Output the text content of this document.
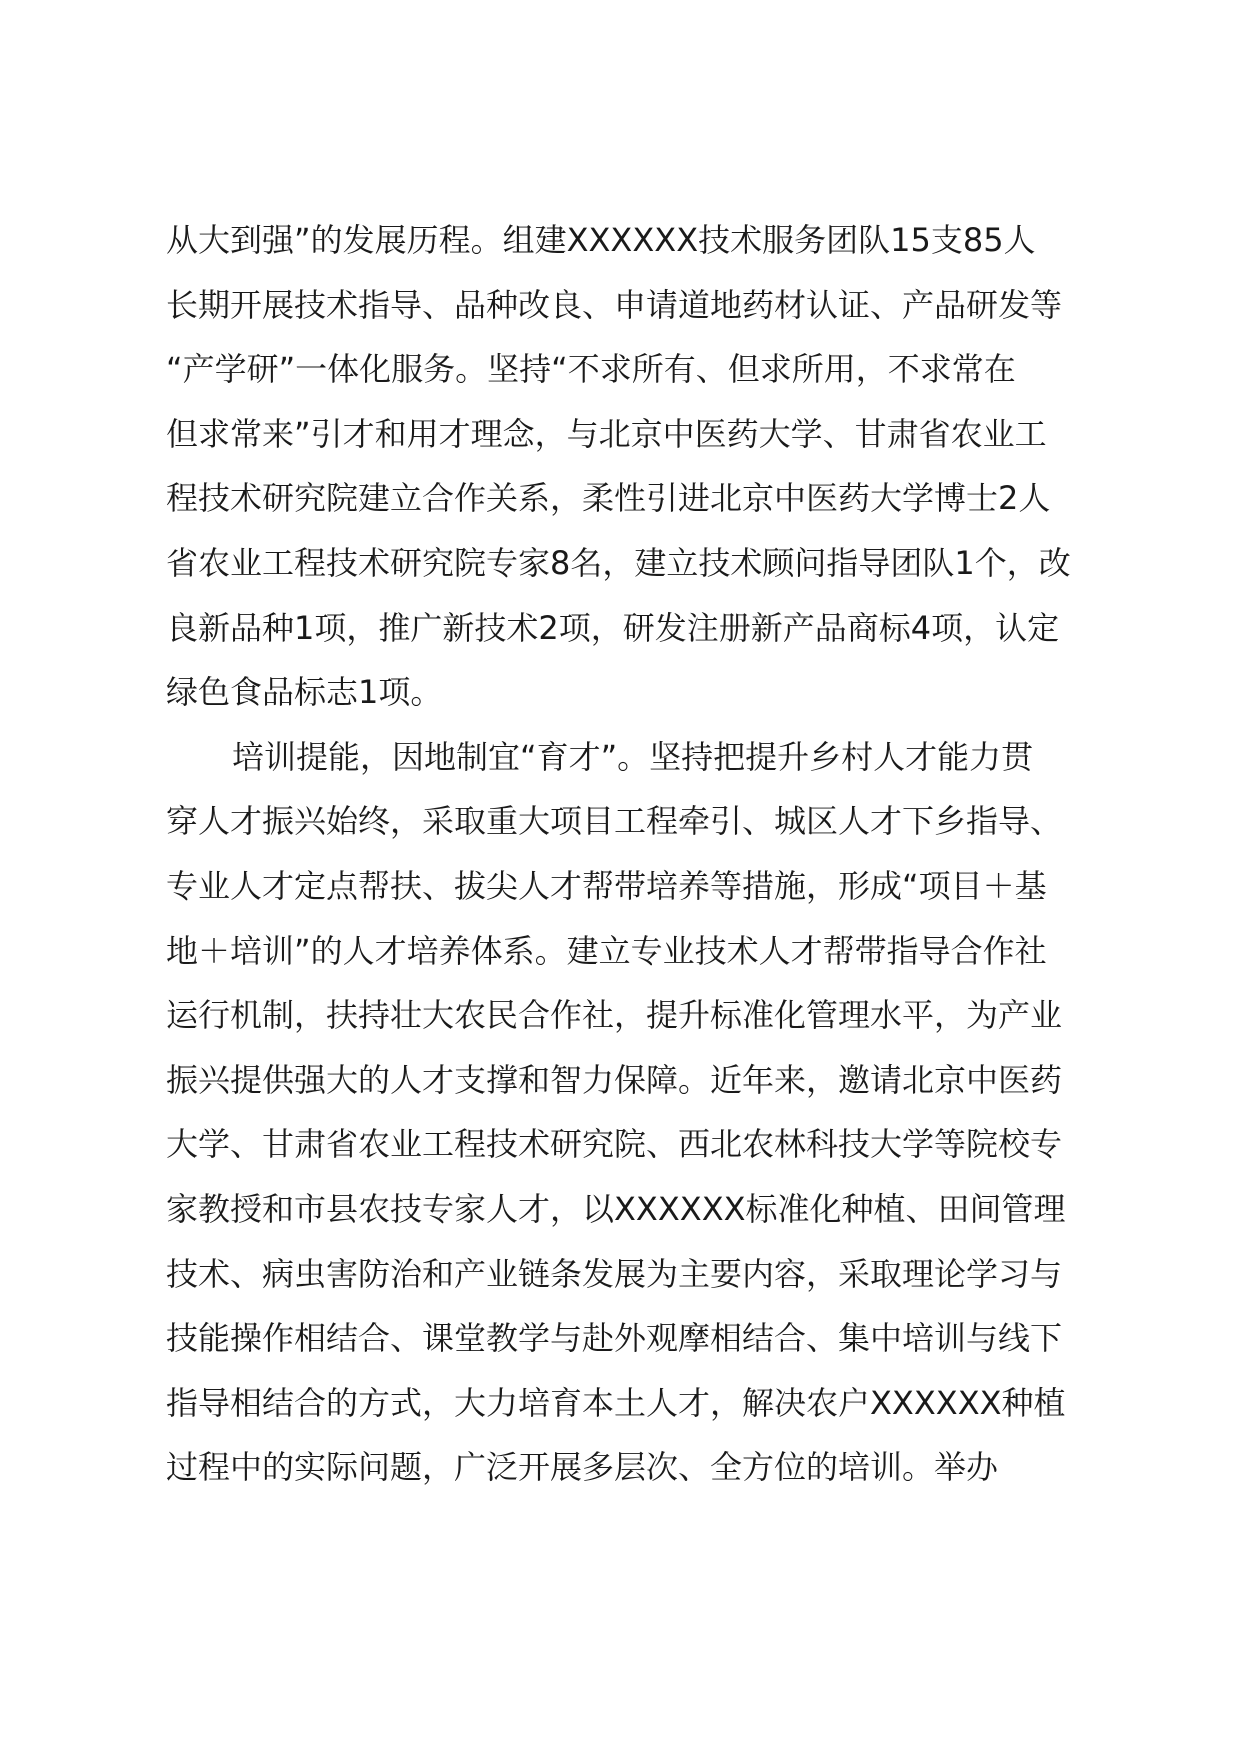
从大到强”的发展历程。组建XXXXXX技术服务团队15支85人
长期开展技术指导、品种改良、申请道地药材认证、产品研发等
“产学研”一体化服务。坚持“不求所有、但求所用，不求常在
但求常来”引才和用才理念，与北京中医药大学、甘肃省农业工
程技术研究院建立合作关系，柔性引进北京中医药大学博士2人
省农业工程技术研究院专家8名，建立技术顾问指导团队1个，改
良新品种1项，推广新技术2项，研发注册新产品商标4项，认定
绿色食品标志1项。
培训提能，因地制宜“育才”。坚持把提升乡村人才能力贯
穿人才振兴始终，采取重大项目工程牵引、城区人才下乡指导、
专业人才定点帮扶、拔尖人才帮带培养等措施，形成“项目＋基
地＋培训”的人才培养体系。建立专业技术人才帮带指导合作社
运行机制，扶持壮大农民合作社，提升标准化管理水平，为产业
振兴提供强大的人才支撑和智力保障。近年来，邀请北京中医药
大学、甘肃省农业工程技术研究院、西北农林科技大学等院校专
家教授和市县农技专家人才，以XXXXXX标准化种植、田间管理
技术、病虫害防治和产业链条发展为主要内容，采取理论学习与
技能操作相结合、课堂教学与赴外观摩相结合、集中培训与线下
指导相结合的方式，大力培育本土人才，解决农户XXXXXX种植
过程中的实际问题，广泛开展多层次、全方位的培训。举办
